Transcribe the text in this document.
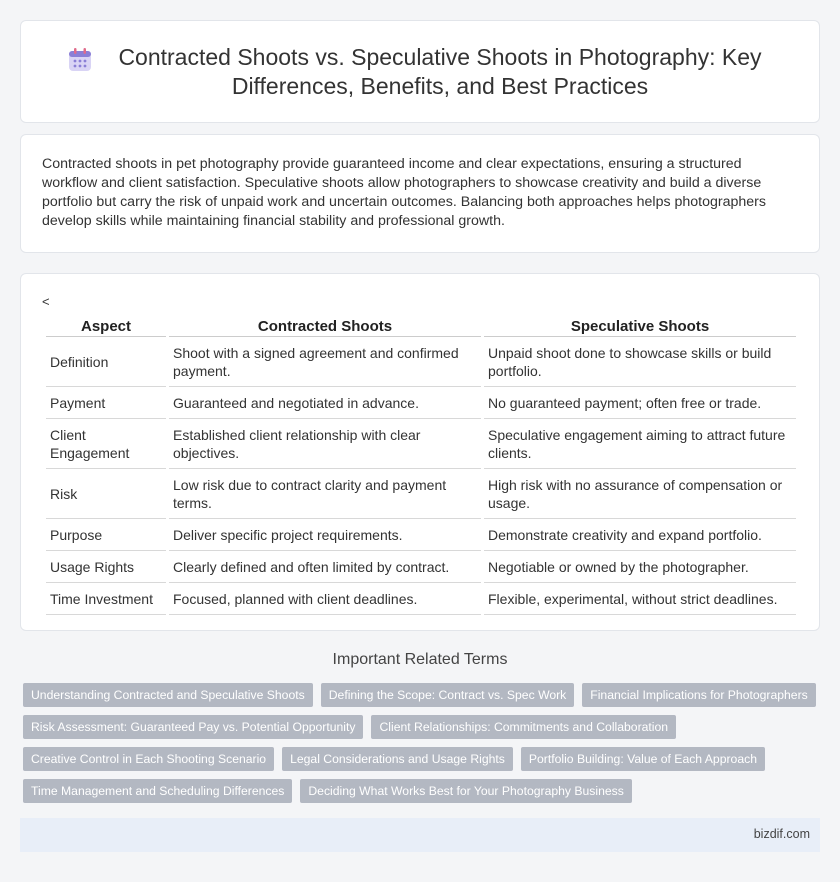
Contracted Shoots vs. Speculative Shoots in Photography: Key Differences, Benefits, and Best Practices

Contracted shoots in pet photography provide guaranteed income and clear expectations, ensuring a structured workflow and client satisfaction. Speculative shoots allow photographers to showcase creativity and build a diverse portfolio but carry the risk of unpaid work and uncertain outcomes. Balancing both approaches helps photographers develop skills while maintaining financial stability and professional growth.

<
Aspect	Contracted Shoots	Speculative Shoots
Definition	Shoot with a signed agreement and confirmed payment.	Unpaid shoot done to showcase skills or build portfolio.
Payment	Guaranteed and negotiated in advance.	No guaranteed payment; often free or trade.
Client Engagement	Established client relationship with clear objectives.	Speculative engagement aiming to attract future clients.
Risk	Low risk due to contract clarity and payment terms.	High risk with no assurance of compensation or usage.
Purpose	Deliver specific project requirements.	Demonstrate creativity and expand portfolio.
Usage Rights	Clearly defined and often limited by contract.	Negotiable or owned by the photographer.
Time Investment	Focused, planned with client deadlines.	Flexible, experimental, without strict deadlines.
Important Related Terms
Understanding Contracted and Speculative Shoots	Defining the Scope: Contract vs. Spec Work	Financial Implications for Photographers
Risk Assessment: Guaranteed Pay vs. Potential Opportunity	Client Relationships: Commitments and Collaboration
Creative Control in Each Shooting Scenario	Legal Considerations and Usage Rights	Portfolio Building: Value of Each Approach
Time Management and Scheduling Differences	Deciding What Works Best for Your Photography Business
bizdif.com
